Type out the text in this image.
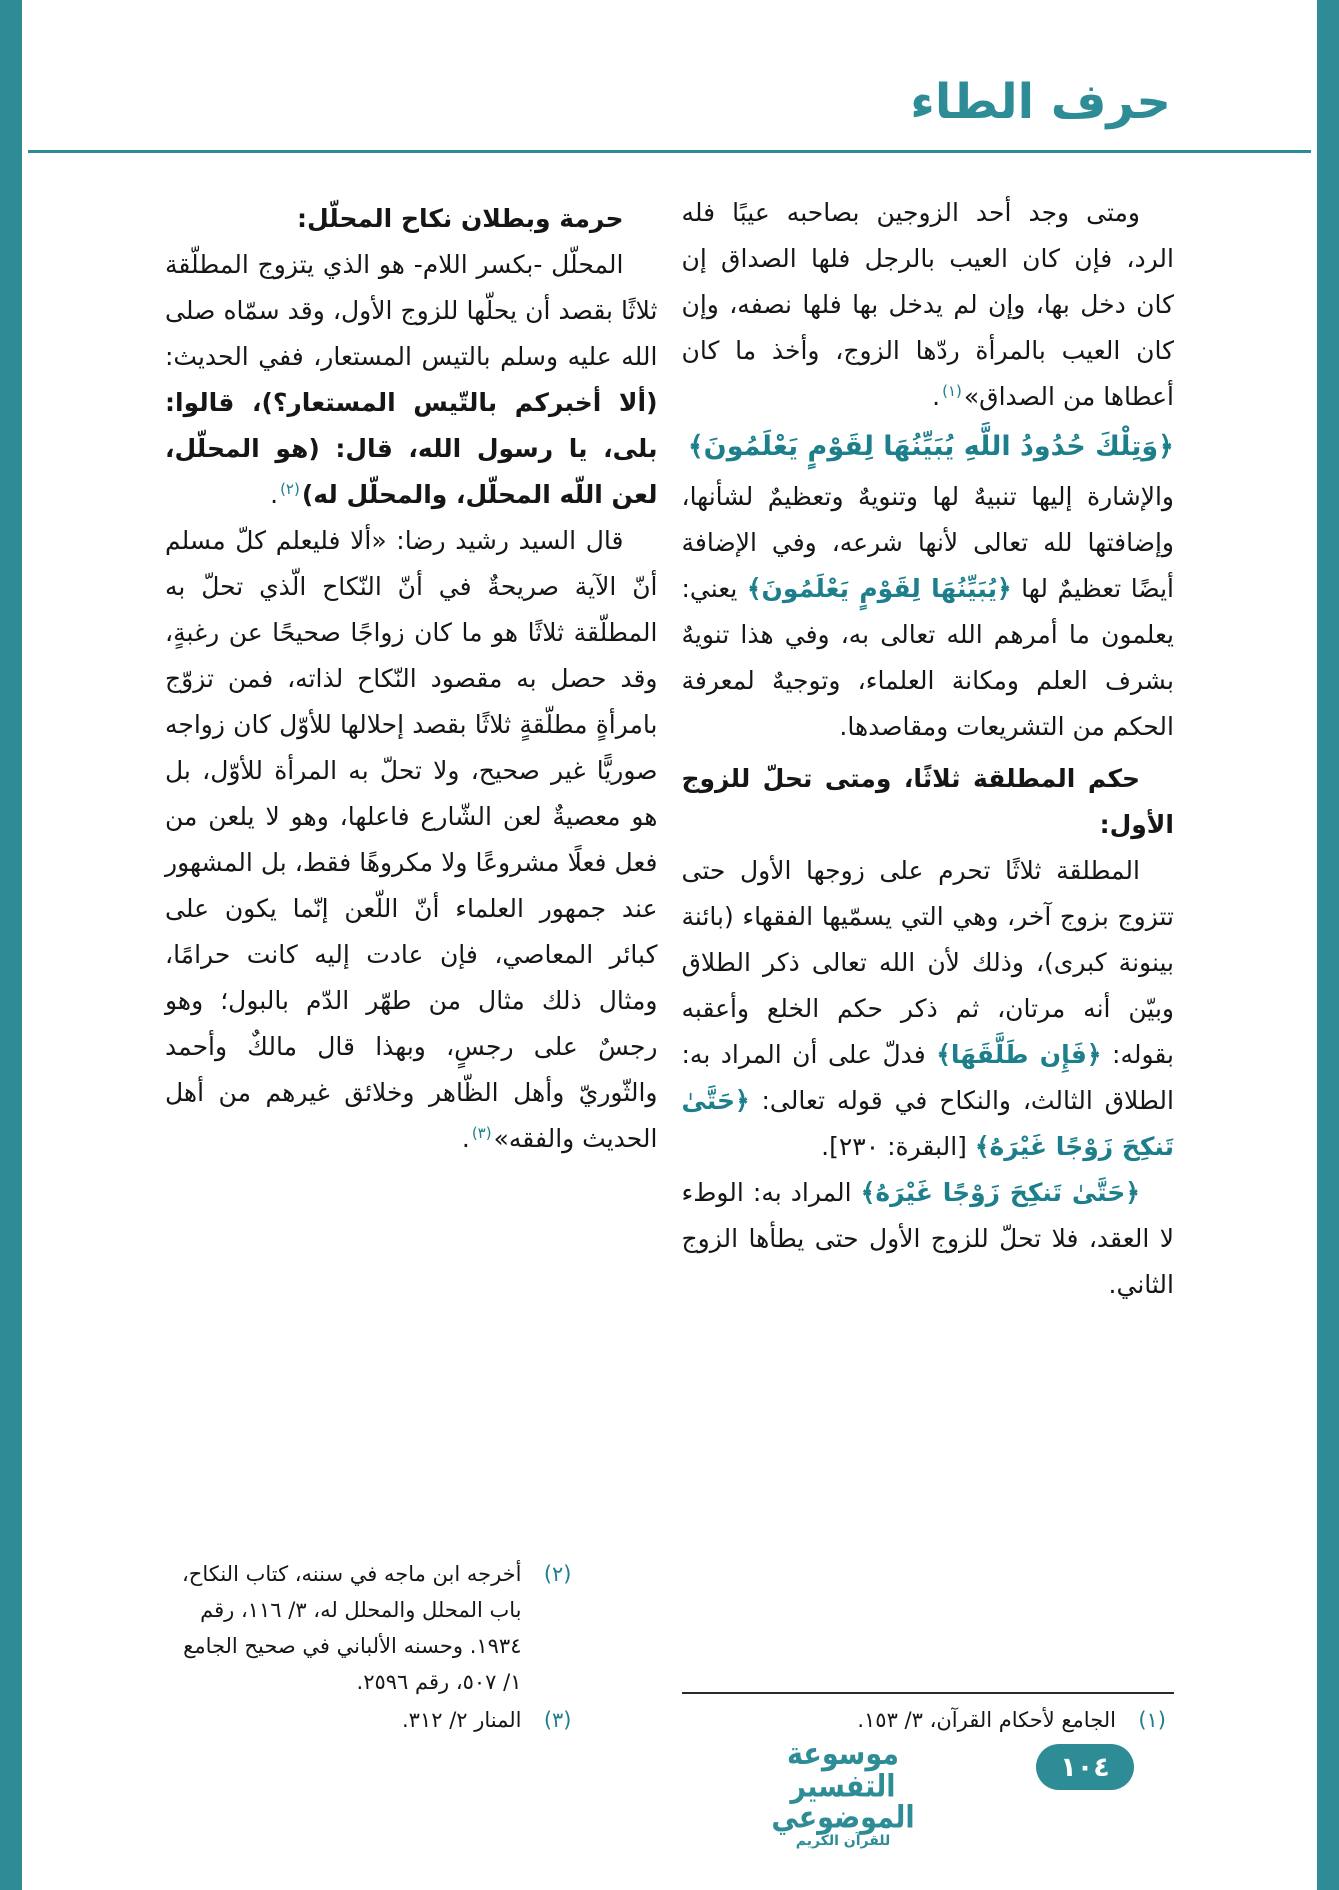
حرف الطاء

ومتى وجد أحد الزوجين بصاحبه عيبًا فله الرد، فإن كان العيب بالرجل فلها الصداق إن كان دخل بها، وإن لم يدخل بها فلها نصفه، وإن كان العيب بالمرأة ردّها الزوج، وأخذ ما كان أعطاها من الصداق»$^{(١)}$.

﴿وَتِلْكَ حُدُودُ اللَّهِ يُبَيِّنُهَا لِقَوْمٍ يَعْلَمُونَ﴾

والإشارة إليها تنبيهٌ لها وتنويهٌ وتعظيمٌ لشأنها، وإضافتها لله تعالى لأنها شرعه، وفي الإضافة أيضًا تعظيمٌ لها ﴿يُبَيِّنُهَا لِقَوْمٍ يَعْلَمُونَ﴾ يعني: يعلمون ما أمرهم الله تعالى به، وفي هذا تنويهٌ بشرف العلم ومكانة العلماء، وتوجيهٌ لمعرفة الحكم من التشريعات ومقاصدها.

حكم المطلقة ثلاثًا، ومتى تحلّ للزوج الأول:

المطلقة ثلاثًا تحرم على زوجها الأول حتى تتزوج بزوج آخر، وهي التي يسمّيها الفقهاء (بائنة بينونة كبرى)، وذلك لأن الله تعالى ذكر الطلاق وبيّن أنه مرتان، ثم ذكر حكم الخلع وأعقبه بقوله: ﴿فَإِن طَلَّقَهَا﴾ فدلّ على أن المراد به: الطلاق الثالث، والنكاح في قوله تعالى: ﴿حَتَّىٰ تَنكِحَ زَوْجًا غَيْرَهُ﴾ [البقرة: ٢٣٠].

﴿حَتَّىٰ تَنكِحَ زَوْجًا غَيْرَهُ﴾ المراد به: الوطء لا العقد، فلا تحلّ للزوج الأول حتى يطأها الزوج الثاني.

(١)
الجامع لأحكام القرآن، ٣/ ١٥٣.

حرمة وبطلان نكاح المحلّل:

المحلّل -بكسر اللام- هو الذي يتزوج المطلّقة ثلاثًا بقصد أن يحلّها للزوج الأول، وقد سمّاه صلى الله عليه وسلم بالتيس المستعار، ففي الحديث: (ألا أخبركم بالتّيس المستعار؟)، قالوا: بلى، يا رسول الله، قال: (هو المحلّل، لعن اللّه المحلّل، والمحلّل له)$^{(٢)}$.

قال السيد رشيد رضا: «ألا فليعلم كلّ مسلم أنّ الآية صريحةٌ في أنّ النّكاح الّذي تحلّ به المطلّقة ثلاثًا هو ما كان زواجًا صحيحًا عن رغبةٍ، وقد حصل به مقصود النّكاح لذاته، فمن تزوّج بامرأةٍ مطلّقةٍ ثلاثًا بقصد إحلالها للأوّل كان زواجه صوريًّا غير صحيح، ولا تحلّ به المرأة للأوّل، بل هو معصيةٌ لعن الشّارع فاعلها، وهو لا يلعن من فعل فعلًا مشروعًا ولا مكروهًا فقط، بل المشهور عند جمهور العلماء أنّ اللّعن إنّما يكون على كبائر المعاصي، فإن عادت إليه كانت حرامًا، ومثال ذلك مثال من طهّر الدّم بالبول؛ وهو رجسٌ على رجسٍ، وبهذا قال مالكٌ وأحمد والثّوريّ وأهل الظّاهر وخلائق غيرهم من أهل الحديث والفقه»$^{(٣)}$.

(٢)
أخرجه ابن ماجه في سننه، كتاب النكاح، باب المحلل والمحلل له، ٣/ ١١٦، رقم ١٩٣٤. وحسنه الألباني في صحيح الجامع ١/ ٥٠٧، رقم ٢٥٩٦.
(٣)
المنار ٢/ ٣١٢.
موسوعة التفسير الموضوعي
للقرآن الكريم
١٠٤
